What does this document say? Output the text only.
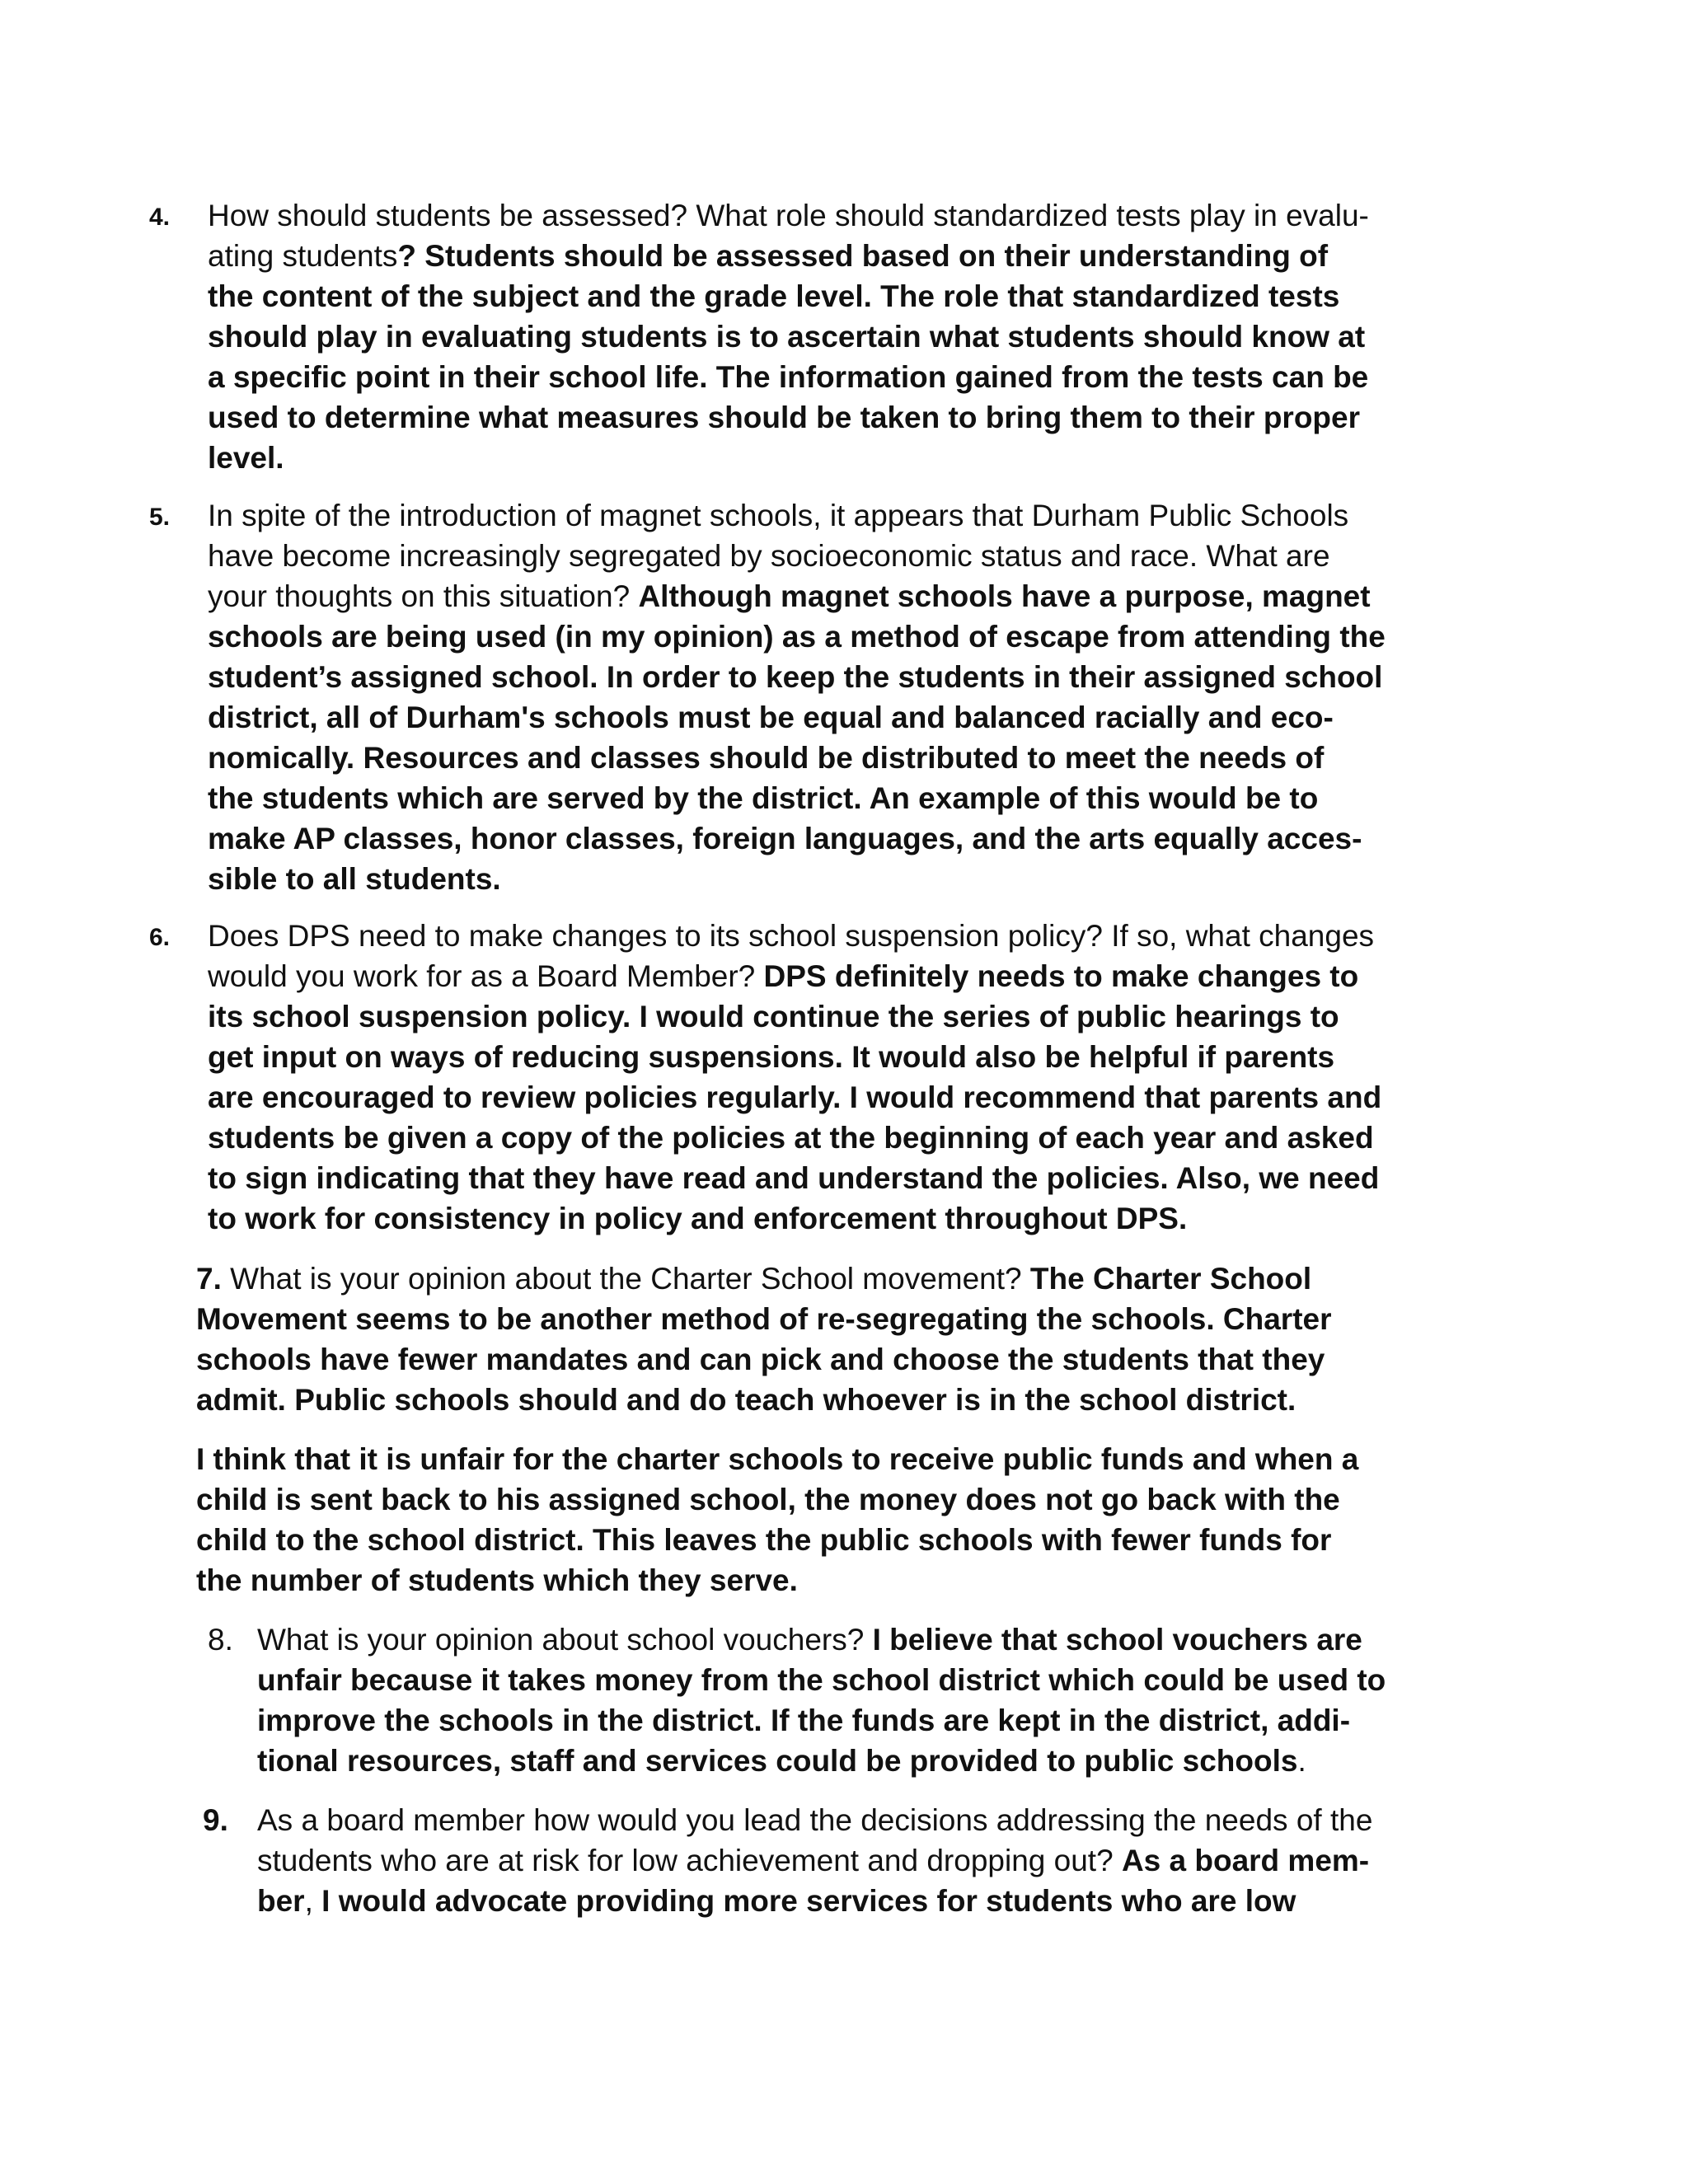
4. How should students be assessed? What role should standardized tests play in evalu-
ating students? Students should be assessed based on their understanding of
the content of the subject and the grade level. The role that standardized tests
should play in evaluating students is to ascertain what students should know at
a specific point in their school life. The information gained from the tests can be
used to determine what measures should be taken to bring them to their proper
level.
5. In spite of the introduction of magnet schools, it appears that Durham Public Schools
have become increasingly segregated by socioeconomic status and race. What are
your thoughts on this situation? Although magnet schools have a purpose, magnet
schools are being used (in my opinion) as a method of escape from attending the
student’s assigned school. In order to keep the students in their assigned school
district, all of Durham's schools must be equal and balanced racially and eco-
nomically. Resources and classes should be distributed to meet the needs of
the students which are served by the district. An example of this would be to
make AP classes, honor classes, foreign languages, and the arts equally acces-
sible to all students.
6. Does DPS need to make changes to its school suspension policy? If so, what changes
would you work for as a Board Member? DPS definitely needs to make changes to
its school suspension policy. I would continue the series of public hearings to
get input on ways of reducing suspensions. It would also be helpful if parents
are encouraged to review policies regularly. I would recommend that parents and
students be given a copy of the policies at the beginning of each year and asked
to sign indicating that they have read and understand the policies. Also, we need
to work for consistency in policy and enforcement throughout DPS.
7. What is your opinion about the Charter School movement? The Charter School
Movement seems to be another method of re-segregating the schools. Charter
schools have fewer mandates and can pick and choose the students that they
admit. Public schools should and do teach whoever is in the school district.
I think that it is unfair for the charter schools to receive public funds and when a
child is sent back to his assigned school, the money does not go back with the
child to the school district. This leaves the public schools with fewer funds for
the number of students which they serve.
8. What is your opinion about school vouchers? I believe that school vouchers are
unfair because it takes money from the school district which could be used to
improve the schools in the district. If the funds are kept in the district, addi-
tional resources, staff and services could be provided to public schools.
9. As a board member how would you lead the decisions addressing the needs of the
students who are at risk for low achievement and dropping out? As a board mem-
ber, I would advocate providing more services for students who are low
